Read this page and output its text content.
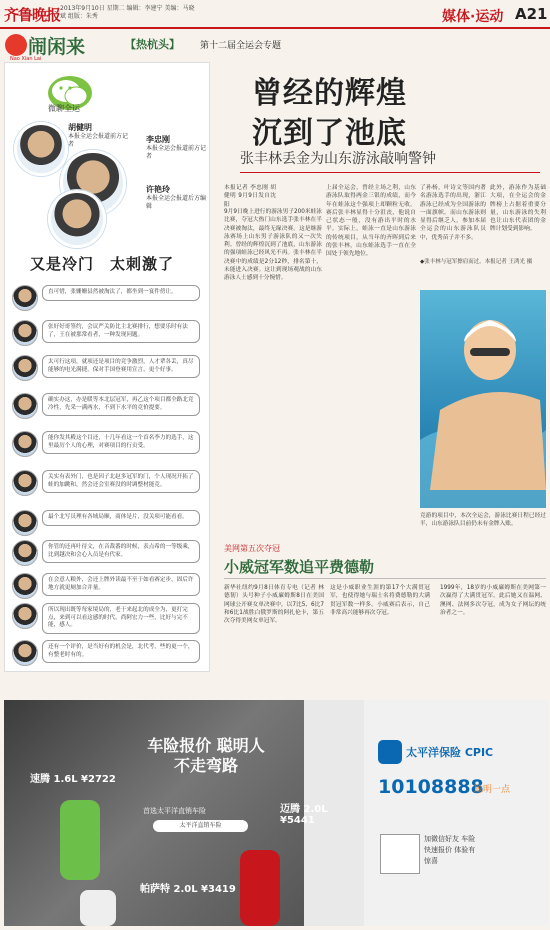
齐鲁晚报 2013年9月10日 星期二 编辑：李建宁 美编：马晓斌 组版：朱秀	媒体·运动 A21
闹闲来
Nao Xian Lai
【热杭头】 第十二届全运会专题
微聊全运
胡健明
本报全运会报道前方记者
李忠刚
本报全运会报道前方记者
许艳玲
本报全运会报道后方编辑
又是冷门　太刺激了
直可惜，张姗姗县然被淘汰了，都坐到一宴件傍让。
张好好哥签约，会议严关防比主北赛排行，想要乐时有法了，王在被那常看者，一种发现问题。
太可行这项，就项还是项目的竞争激烈，人才辈各丢，真尽能够的电光满捷，保对手国登赛用宣言，更个好事。
确实办这，办是暖等本北层冠军，再乙这个项目都全路北竞冷性，先采一满两水，不到下水平的竞价提要。
能你发其殿这个目还，十几年看这一个首名李力的选手，这里最厉个人的心理，对赛项目的行贡受。
关实有表外门，也是因子北赵多冠军的门，个人现况开拓了蛙的加跳和，然会还会室赛没的时调整材能竞。
最个北写员理有各域局顺，商体是片，没关项可能看看。
你管的还再叶待文，在音裁番的时候，表点希的一等级乘，比到越决和会心入员是有代家。
在会意人粮外，会还上牌外读最不至于如看赛定步，固后许地方就更厕加合并量。
所以现出既等每家境局的，老于来起北的成全为，更打完点，来到可以看这感的时代，尚阿宏力一些，比好与完不能，感人。
还有一个评价，是当好有的机会是，北代考，些的更一个，有整老时有的。
曾经的辉煌
沉到了池底
张丰林丢金为山东游泳敲响警钟
本报记者 李忠刚 胡健明 9月9日发自沈阳
9月9日晚上进行的游泳男子200米蛙泳比赛，夺冠大热门山东选手张丰林在半决赛被淘汰，最终无缘决赛。这是继游泳赛场上山东男子游泳队的又一次失利。曾经的辉煌沉到了池底，山东游泳的强项蛙泳已经风光不再。张丰林在半决赛中的成绩是2分12秒，排名第十，未能进入决赛。这让到现场观战的山东游泳人士感到十分惋惜。
上届全运会，曾经主场之利，山东游泳队取得两金三银的成绩，而今年在蛙泳这个强项上却颗粒无收。赛后张丰林显得十分沮丧，他说自己状态一般，没有游出平时的水平。实际上，蛙泳一直是山东游泳的传统项目，从当年的齐晖到后来的张丰林，山东蛙泳选手一直在全国处于领先地位。
了孙杨，叶诗文等国内著名游泳选手的出现，浙江游泳已经成为全国游泳的一面旗帜。而山东游泳则显得后继乏人，参加本届全运会的山东游泳队员中，优秀苗子并不多。
此外，游泳作为基础大项，在全运会的金牌榜上占据着重要分量，山东游泳的失利也让山东代表团的金牌计划受到影响。
竞游的项目中，本次全运会，游泳比赛日程已经过半，山东游泳队目前仍未有金牌入账。
◆张丰林与冠军擦肩而过。本报记者 王鸿光 摄
美网第五次夺冠
小威冠军数追平费德勒
新华社纽约9月8日体育专电（记者 林德韧）头号种子小威廉姆斯8日在美国网球公开赛女单决赛中，以7比5、6比7和6比1战胜白俄罗斯的阿扎伦卡，第五次夺得美网女单冠军。
这是小威职业生涯的第17个大满贯冠军，也使得她与瑞士名将费德勒的大满贯冠军数一样多。小威赛后表示，自己非常高兴能够再次夺冠。
1999年，18岁的小威廉姆斯在美网第一次赢得了大满贯冠军。此后她又在温网、澳网、法网多次夺冠，成为女子网坛的统治者之一。
速腾 1.6L ¥2722
帕萨特 2.0L ¥3419
迈腾 2.0L ¥5441
车险报价 聪明人 不走弯路
首选太平洋直销车险
太平洋直销车险
太平洋保险 CPIC
10108888
聪明一点
加微信好友 车险快速报价 体验有惊喜
